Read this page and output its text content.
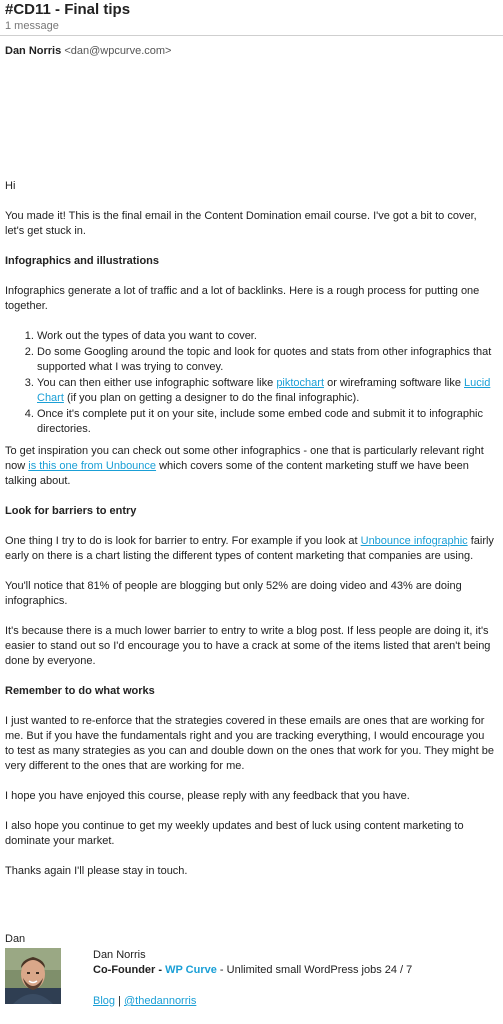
#CD11 - Final tips
1 message
Dan Norris <dan@wpcurve.com>

Hi

You made it! This is the final email in the Content Domination email course. I've got a bit to cover, let's get stuck in.

Infographics and illustrations

Infographics generate a lot of traffic and a lot of backlinks. Here is a rough process for putting one together.

1. Work out the types of data you want to cover.
2. Do some Googling around the topic and look for quotes and stats from other infographics that supported what I was trying to convey.
3. You can then either use infographic software like piktochart or wireframing software like Lucid Chart (if you plan on getting a designer to do the final infographic).
4. Once it's complete put it on your site, include some embed code and submit it to infographic directories.

To get inspiration you can check out some other infographics - one that is particularly relevant right now is this one from Unbounce which covers some of the content marketing stuff we have been talking about.

Look for barriers to entry

One thing I try to do is look for barrier to entry. For example if you look at Unbounce infographic fairly early on there is a chart listing the different types of content marketing that companies are using.

You'll notice that 81% of people are blogging but only 52% are doing video and 43% are doing infographics.

It's because there is a much lower barrier to entry to write a blog post. If less people are doing it, it's easier to stand out so I'd encourage you to have a crack at some of the items listed that aren't being done by everyone.

Remember to do what works

I just wanted to re-enforce that the strategies covered in these emails are ones that are working for me. But if you have the fundamentals right and you are tracking everything, I would encourage you to test as many strategies as you can and double down on the ones that work for you. They might be very different to the ones that are working for me.

I hope you have enjoyed this course, please reply with any feedback that you have.

I also hope you continue to get my weekly updates and best of luck using content marketing to dominate your market.

Thanks again I'll please stay in touch.

Dan
Dan Norris
Co-Founder - WP Curve - Unlimited small WordPress jobs 24 / 7
Blog | @thedannorris
